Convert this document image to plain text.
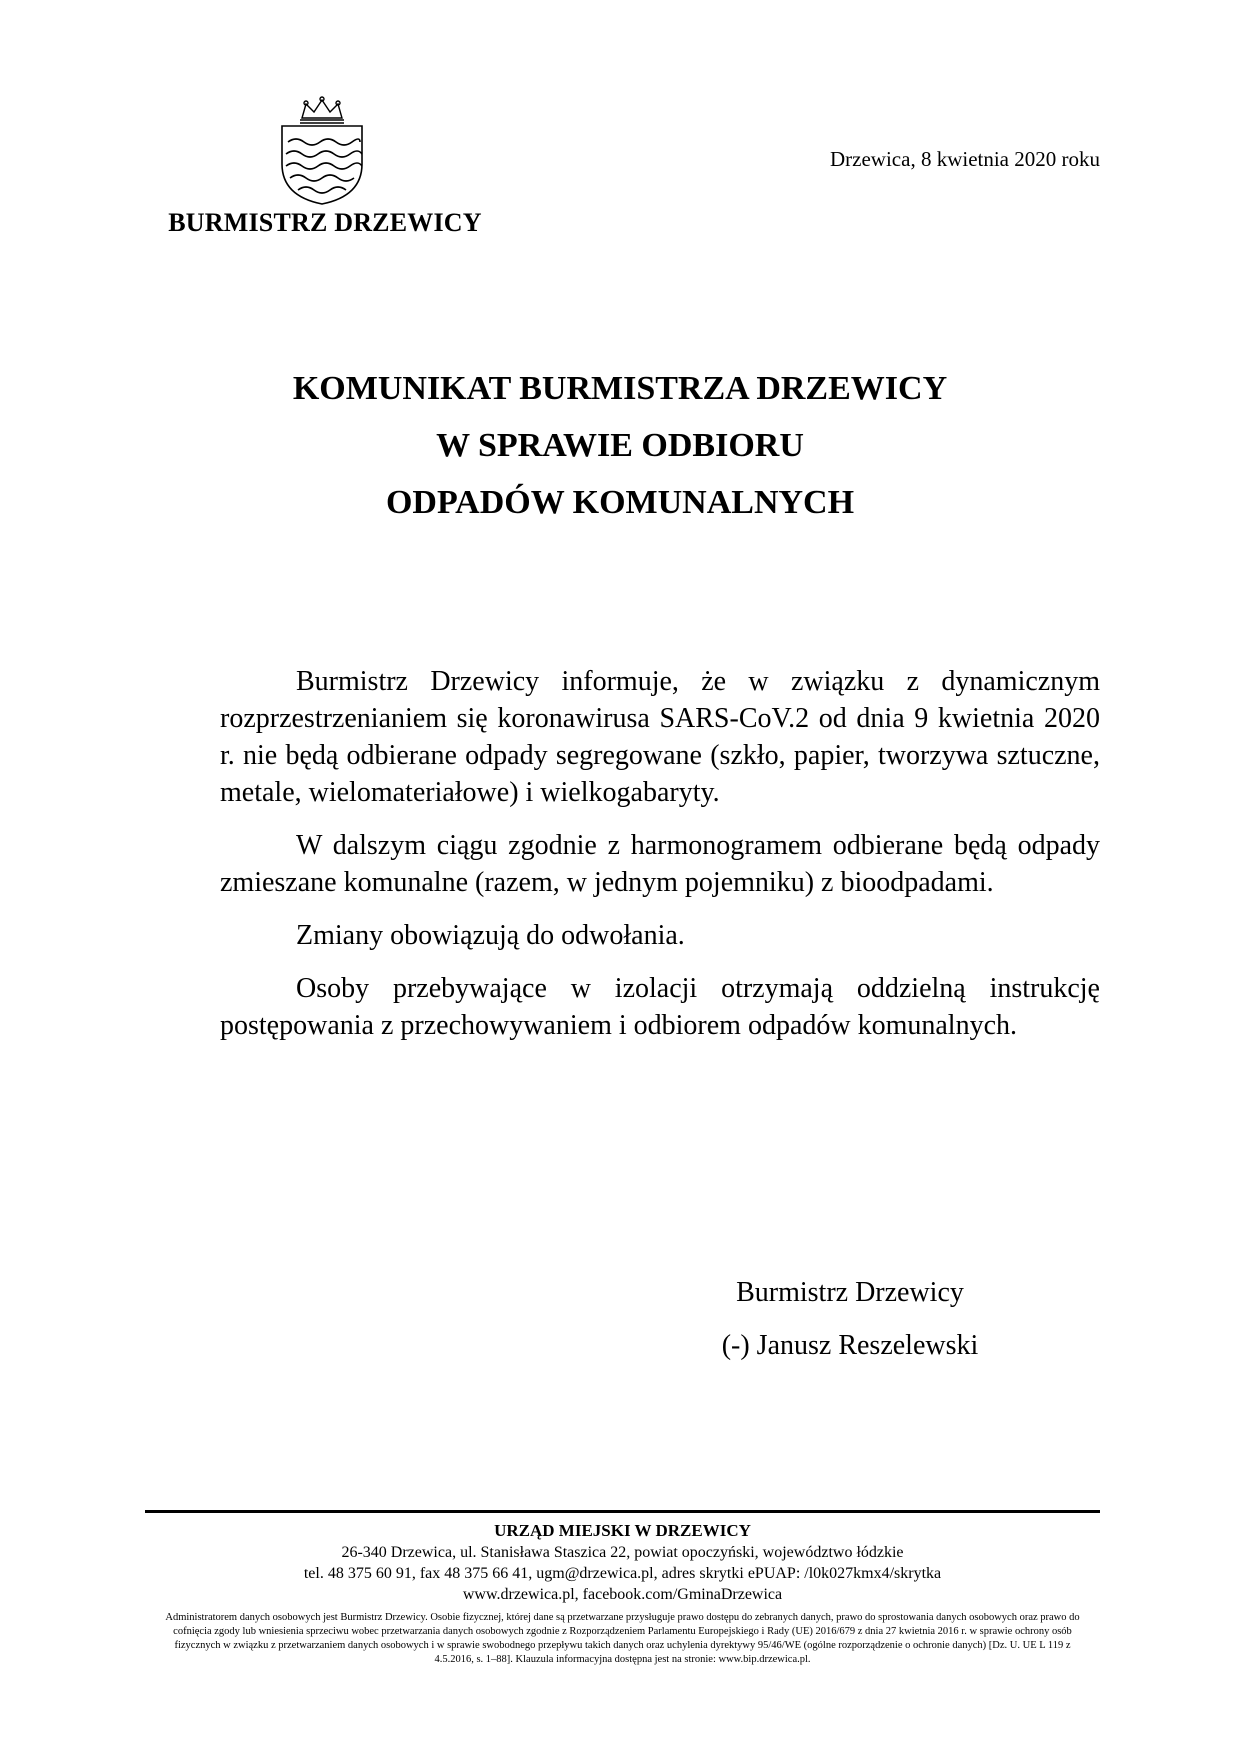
BURMISTRZ DRZEWICY
Drzewica, 8 kwietnia 2020 roku
KOMUNIKAT BURMISTRZA DRZEWICY
W SPRAWIE ODBIORU
ODPADÓW KOMUNALNYCH

Burmistrz Drzewicy informuje, że w związku z dynamicznym rozprzestrzenianiem się koronawirusa SARS-CoV.2 od dnia 9 kwietnia 2020 r. nie będą odbierane odpady segregowane (szkło, papier, tworzywa sztuczne, metale, wielomateriałowe) i wielkogabaryty.

W dalszym ciągu zgodnie z harmonogramem odbierane będą odpady zmieszane komunalne (razem, w jednym pojemniku) z bioodpadami.

Zmiany obowiązują do odwołania.

Osoby przebywające w izolacji otrzymają oddzielną instrukcję postępowania z przechowywaniem i odbiorem odpadów komunalnych.

Burmistrz Drzewicy
(-) Janusz Reszelewski
URZĄD MIEJSKI W DRZEWICY
26-340 Drzewica, ul. Stanisława Staszica 22, powiat opoczyński, województwo łódzkie
tel. 48 375 60 91, fax 48 375 66 41, ugm@drzewica.pl, adres skrytki ePUAP: /l0k027kmx4/skrytka
www.drzewica.pl, facebook.com/GminaDrzewica
Administratorem danych osobowych jest Burmistrz Drzewicy. Osobie fizycznej, której dane są przetwarzane przysługuje prawo dostępu do zebranych danych, prawo do sprostowania danych osobowych oraz prawo do cofnięcia zgody lub wniesienia sprzeciwu wobec przetwarzania danych osobowych zgodnie z Rozporządzeniem Parlamentu Europejskiego i Rady (UE) 2016/679 z dnia 27 kwietnia 2016 r. w sprawie ochrony osób fizycznych w związku z przetwarzaniem danych osobowych i w sprawie swobodnego przepływu takich danych oraz uchylenia dyrektywy 95/46/WE (ogólne rozporządzenie o ochronie danych) [Dz. U. UE L 119 z 4.5.2016, s. 1–88]. Klauzula informacyjna dostępna jest na stronie: www.bip.drzewica.pl.
